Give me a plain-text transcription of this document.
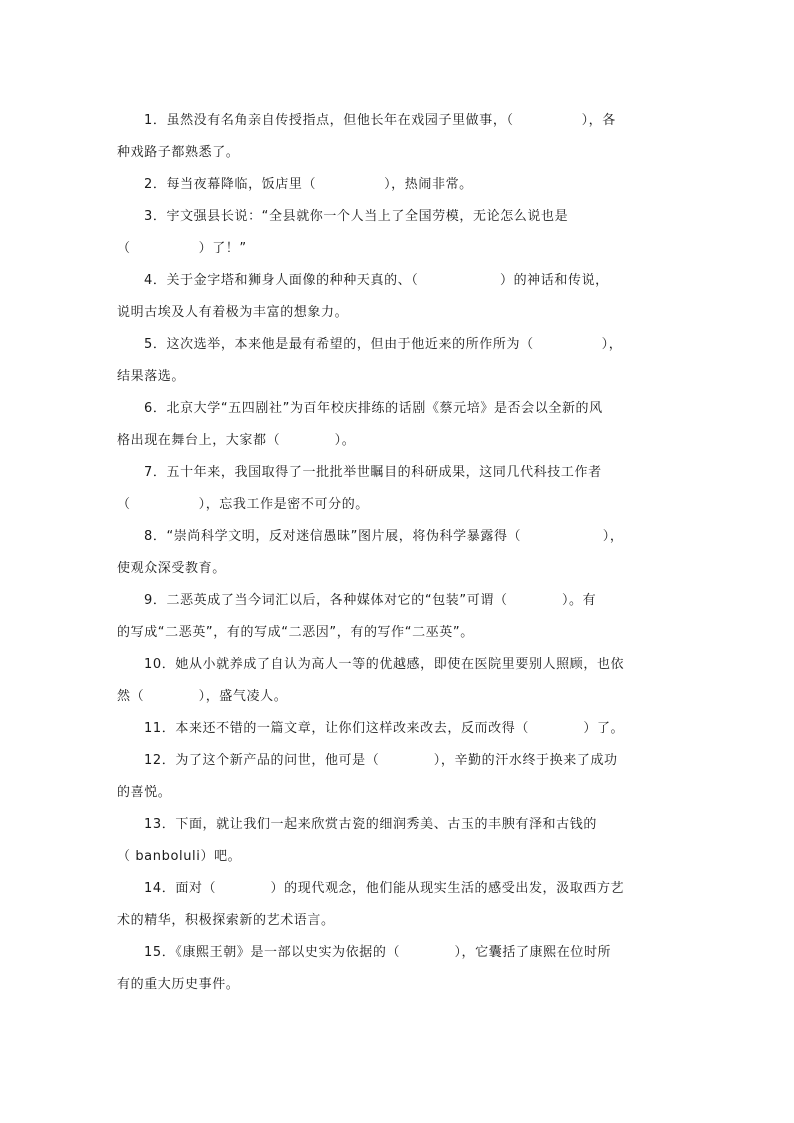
1．虽然没有名角亲自传授指点，但他长年在戏园子里做事，（　　　　　），各
种戏路子都熟悉了。
2．每当夜幕降临，饭店里（　　　　　），热闹非常。
3．宇文强县长说：“全县就你一个人当上了全国劳模，无论怎么说也是
（　　　　　）了！”
4．关于金字塔和狮身人面像的种种天真的、（　　　　　　）的神话和传说，
说明古埃及人有着极为丰富的想象力。
5．这次选举，本来他是最有希望的，但由于他近来的所作所为（　　　　　），
结果落选。
6．北京大学“五四剧社”为百年校庆排练的话剧《蔡元培》是否会以全新的风
格出现在舞台上，大家都（　　　　）。
7．五十年来，我国取得了一批批举世瞩目的科研成果，这同几代科技工作者
（　　　　　），忘我工作是密不可分的。
8．“崇尚科学文明，反对迷信愚昧”图片展，将伪科学暴露得（　　　　　　），
使观众深受教育。
9．二恶英成了当今词汇以后，各种媒体对它的“包装”可谓（　　　　）。有
的写成“二恶英”，有的写成“二恶因”，有的写作“二巫英”。
10．她从小就养成了自认为高人一等的优越感，即使在医院里要别人照顾，也依
然（　　　　），盛气凌人。
11．本来还不错的一篇文章，让你们这样改来改去，反而改得（　　　　）了。
12．为了这个新产品的问世，他可是（　　　　），辛勤的汗水终于换来了成功
的喜悦。
13．下面，就让我们一起来欣赏古瓷的细润秀美、古玉的丰腴有泽和古钱的
（ banboluli）吧。
14．面对（　　　　）的现代观念，他们能从现实生活的感受出发，汲取西方艺
术的精华，积极探索新的艺术语言。
15．《康熙王朝》是一部以史实为依据的（　　　　），它囊括了康熙在位时所
有的重大历史事件。
